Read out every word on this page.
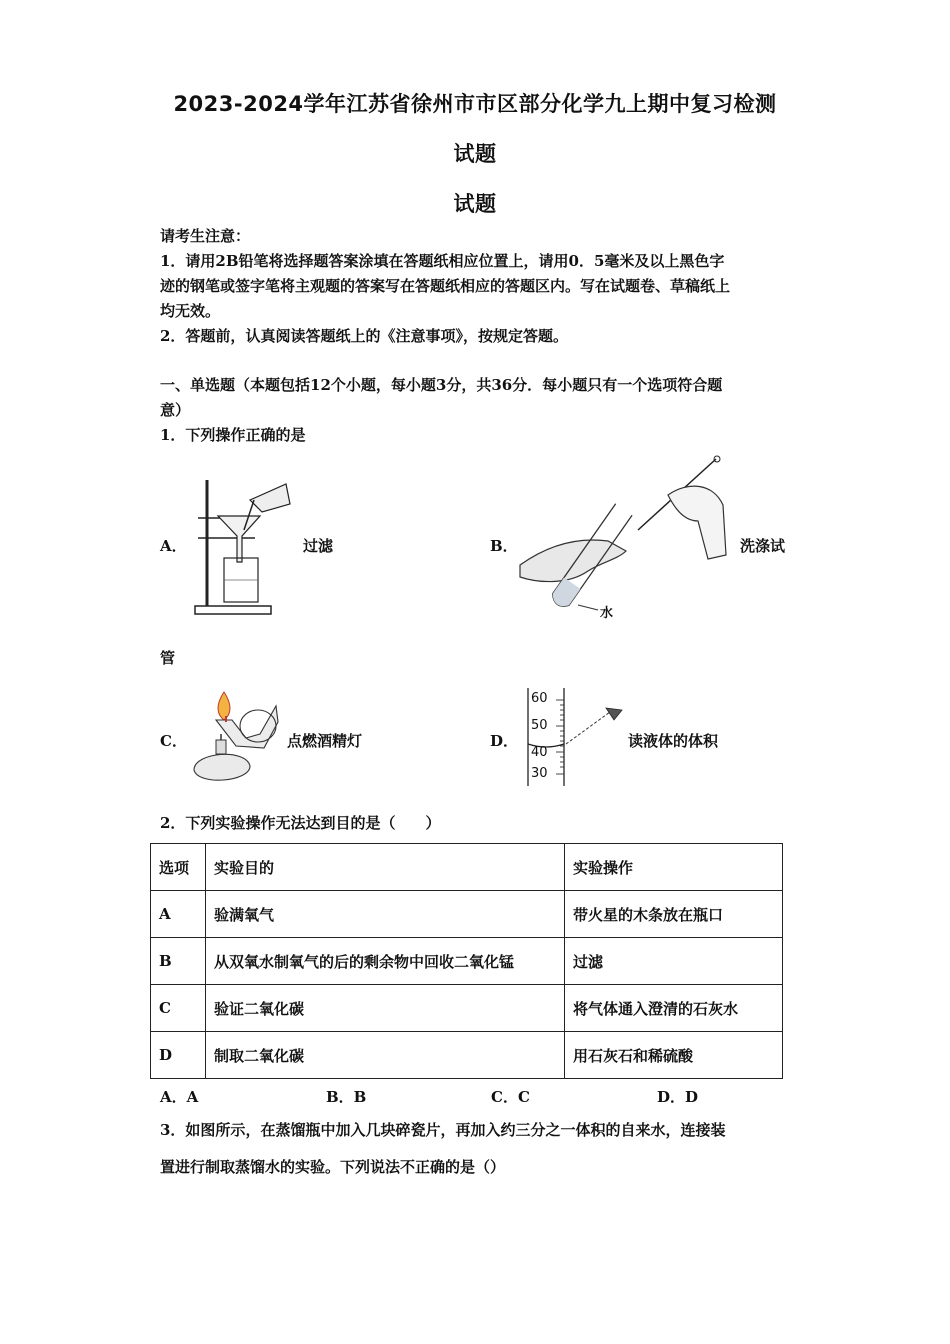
2023-2024学年江苏省徐州市市区部分化学九上期中复习检测
试题
试题
请考生注意：
1．请用2B铅笔将选择题答案涂填在答题纸相应位置上，请用0．5毫米及以上黑色字
迹的钢笔或签字笔将主观题的答案写在答题纸相应的答题区内。写在试题卷、草稿纸上
均无效。
2．答题前，认真阅读答题纸上的《注意事项》，按规定答题。
一、单选题（本题包括12个小题，每小题3分，共36分．每小题只有一个选项符合题
意）
1．下列操作正确的是
A．	过滤	B．
水
洗涤试
管
C．	点燃酒精灯	D．
60
50
40
30
读液体的体积
2．下列实验操作无法达到目的是（　　）
选项	实验目的	实验操作
A	验满氧气	带火星的木条放在瓶口
B	从双氧水制氧气的后的剩余物中回收二氧化锰	过滤
C	验证二氧化碳	将气体通入澄清的石灰水
D	制取二氧化碳	用石灰石和稀硫酸
A．A	B．B	C．C	D．D
3．如图所示，在蒸馏瓶中加入几块碎瓷片，再加入约三分之一体积的自来水，连接装
置进行制取蒸馏水的实验。下列说法不正确的是（）
